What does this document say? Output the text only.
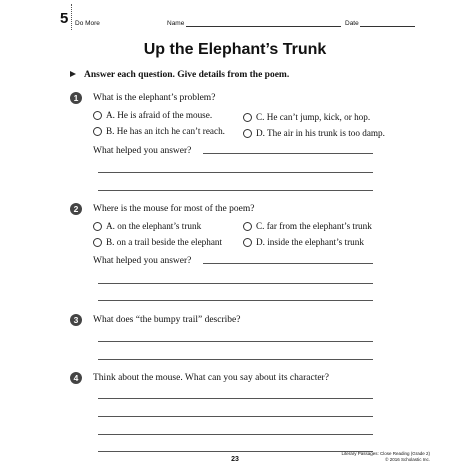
5 Do More	Name	Date
Up the Elephant’s Trunk
Answer each question. Give details from the poem.
1	What is the elephant’s problem?
A. He is afraid of the mouse.
B. He has an itch he can’t reach.
C. He can’t jump, kick, or hop.
D. The air in his trunk is too damp.
What helped you answer?
2	Where is the mouse for most of the poem?
A. on the elephant’s trunk
B. on a trail beside the elephant
C. far from the elephant’s trunk
D. inside the elephant’s trunk
What helped you answer?
3	What does “the bumpy trail” describe?
4	Think about the mouse. What can you say about its character?
23
Literary Passages: Close Reading (Grade 2)
© 2016 Scholastic Inc.
